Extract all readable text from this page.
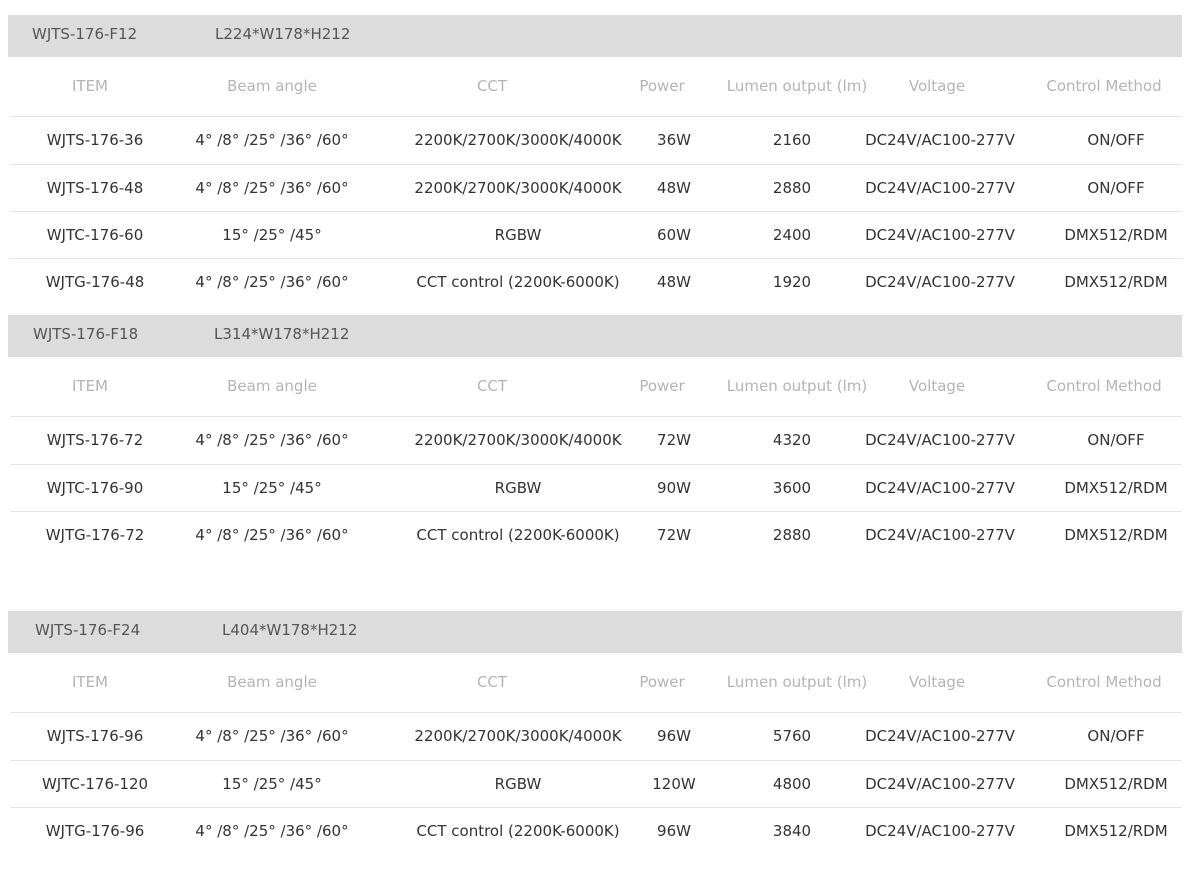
WJTS-176-F12	L224*W178*H212
ITEM	Beam angle	CCT	Power	Lumen output (lm)	Voltage	Control Method
WJTS-176-36	4° /8° /25° /36° /60°	2200K/2700K/3000K/4000K 36W	2160	DC24V/AC100-277V	ON/OFF
WJTS-176-48	4° /8° /25° /36° /60°	2200K/2700K/3000K/4000K 48W	2880	DC24V/AC100-277V	ON/OFF
WJTC-176-60	15° /25° /45°	RGBW	60W	2400	DC24V/AC100-277V	DMX512/RDM
WJTG-176-48	4° /8° /25° /36° /60°	CCT control (2200K-6000K) 48W	1920	DC24V/AC100-277V	DMX512/RDM
WJTS-176-F18	L314*W178*H212
ITEM	Beam angle	CCT	Power	Lumen output (lm)	Voltage	Control Method
WJTS-176-72	4° /8° /25° /36° /60°	2200K/2700K/3000K/4000K 72W	4320	DC24V/AC100-277V	ON/OFF
WJTC-176-90	15° /25° /45°	RGBW	90W	3600	DC24V/AC100-277V	DMX512/RDM
WJTG-176-72	4° /8° /25° /36° /60°	CCT control (2200K-6000K) 72W	2880	DC24V/AC100-277V	DMX512/RDM
WJTS-176-F24	L404*W178*H212
ITEM	Beam angle	CCT	Power	Lumen output (lm)	Voltage	Control Method
WJTS-176-96	4° /8° /25° /36° /60°	2200K/2700K/3000K/4000K 96W	5760	DC24V/AC100-277V	ON/OFF
WJTC-176-120	15° /25° /45°	RGBW	120W	4800	DC24V/AC100-277V	DMX512/RDM
WJTG-176-96	4° /8° /25° /36° /60°	CCT control (2200K-6000K) 96W	3840	DC24V/AC100-277V	DMX512/RDM
